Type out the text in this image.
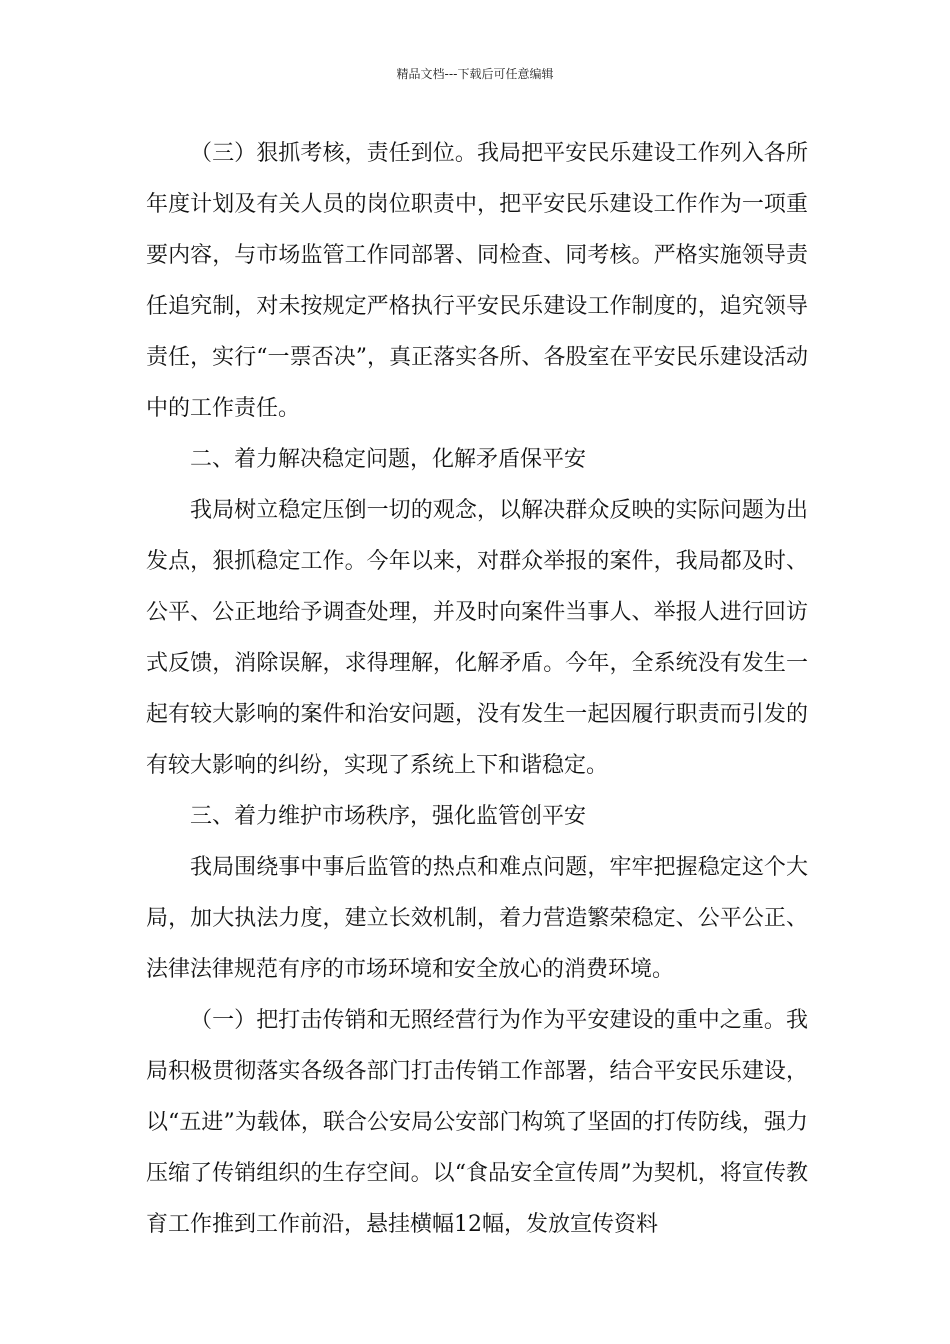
精品文档---下载后可任意编辑

（三）狠抓考核，责任到位。我局把平安民乐建设工作列入各所年度计划及有关人员的岗位职责中，把平安民乐建设工作作为一项重要内容，与市场监管工作同部署、同检查、同考核。严格实施领导责任追究制，对未按规定严格执行平安民乐建设工作制度的，追究领导责任，实行“一票否决”，真正落实各所、各股室在平安民乐建设活动中的工作责任。

二、着力解决稳定问题，化解矛盾保平安

我局树立稳定压倒一切的观念，以解决群众反映的实际问题为出发点，狠抓稳定工作。今年以来，对群众举报的案件，我局都及时、公平、公正地给予调查处理，并及时向案件当事人、举报人进行回访式反馈，消除误解，求得理解，化解矛盾。今年，全系统没有发生一起有较大影响的案件和治安问题，没有发生一起因履行职责而引发的有较大影响的纠纷，实现了系统上下和谐稳定。

三、着力维护市场秩序，强化监管创平安

我局围绕事中事后监管的热点和难点问题，牢牢把握稳定这个大局，加大执法力度，建立长效机制，着力营造繁荣稳定、公平公正、法律法律规范有序的市场环境和安全放心的消费环境。

（一）把打击传销和无照经营行为作为平安建设的重中之重。我局积极贯彻落实各级各部门打击传销工作部署，结合平安民乐建设，以“五进”为载体，联合公安局公安部门构筑了坚固的打传防线，强力压缩了传销组织的生存空间。以“食品安全宣传周”为契机，将宣传教育工作推到工作前沿，悬挂横幅12幅，发放宣传资料
